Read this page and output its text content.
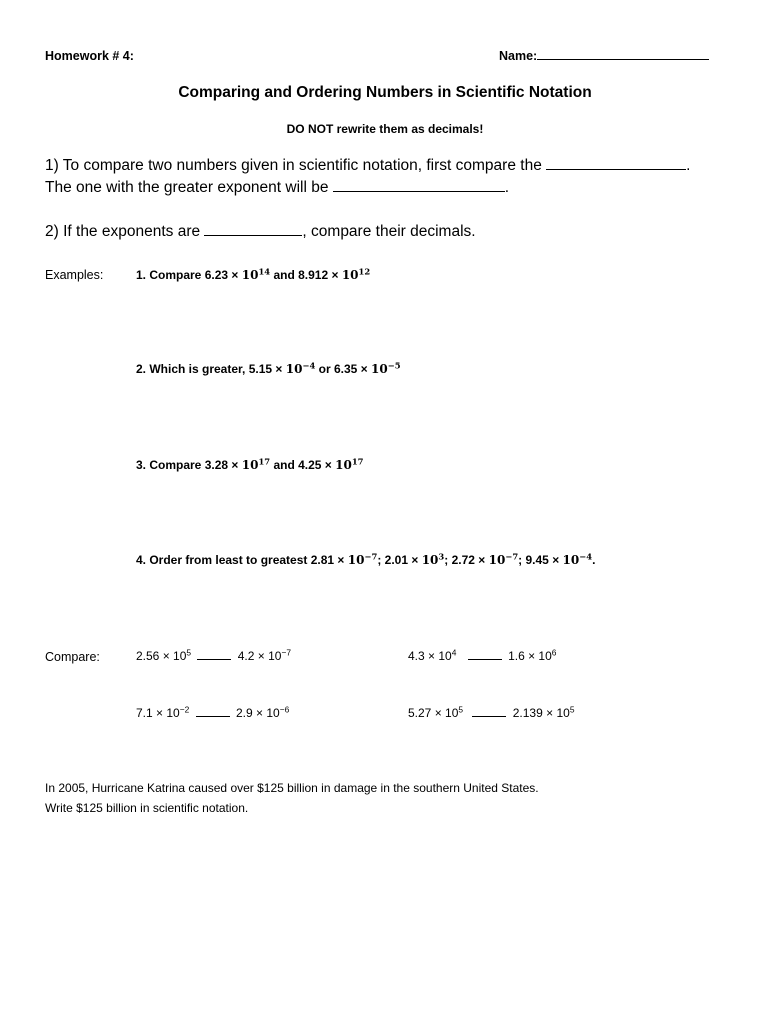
Homework # 4:	Name:
Comparing and Ordering Numbers in Scientific Notation
DO NOT rewrite them as decimals!
1) To compare two numbers given in scientific notation, first compare the	.
The one with the greater exponent will be	.
2) If the exponents are	, compare their decimals.
Examples:	1. Compare $6.23 \times 10^{14}$ and $8.912 \times 10^{12}$
2. Which is greater, $5.15 \times 10^{-4}$ or $6.35 \times 10^{-5}$
3. Compare $3.28 \times 10^{17}$ and $4.25 \times 10^{17}$
4. Order from least to greatest $2.81 \times 10^{-7}$; $2.01 \times 10^3$; $2.72 \times 10^{-7}$; $9.45 \times 10^{-4}$.
Compare:	$2.56 \times 10^5$	$4.2 \times 10^{-7}$	$4.3 \times 10^4$	$1.6 \times 10^6$
$7.1 \times 10^{-2}$	$2.9 \times 10^{-6}$	$5.27 \times 10^5$	$2.139 \times 10^5$
In 2005, Hurricane Katrina caused over $125 billion in damage in the southern United States.
Write $125 billion in scientific notation.
